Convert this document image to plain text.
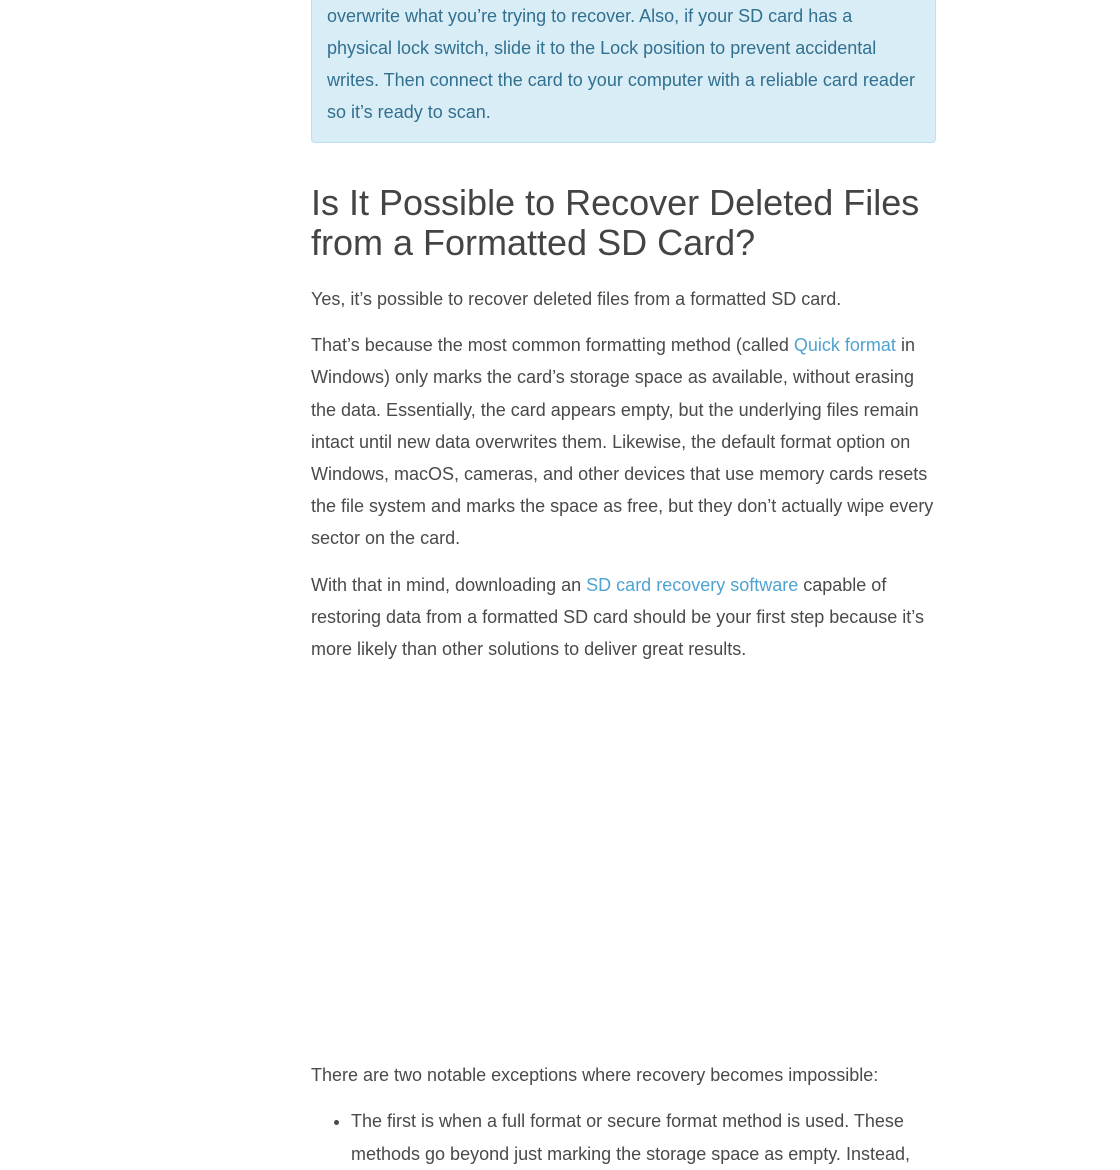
overwrite what you’re trying to recover. Also, if your SD card has a physical lock switch, slide it to the Lock position to prevent accidental writes. Then connect the card to your computer with a reliable card reader so it’s ready to scan.
Is It Possible to Recover Deleted Files from a Formatted SD Card?

Yes, it’s possible to recover deleted files from a formatted SD card.

That’s because the most common formatting method (called Quick format in Windows) only marks the card’s storage space as available, without erasing the data. Essentially, the card appears empty, but the underlying files remain intact until new data overwrites them. Likewise, the default format option on Windows, macOS, cameras, and other devices that use memory cards resets the file system and marks the space as free, but they don’t actually wipe every sector on the card.

With that in mind, downloading an SD card recovery software capable of restoring data from a formatted SD card should be your first step because it’s more likely than other solutions to deliver great results.

There are two notable exceptions where recovery becomes impossible:

• The first is when a full format or secure format method is used. These methods go beyond just marking the storage space as empty. Instead,
